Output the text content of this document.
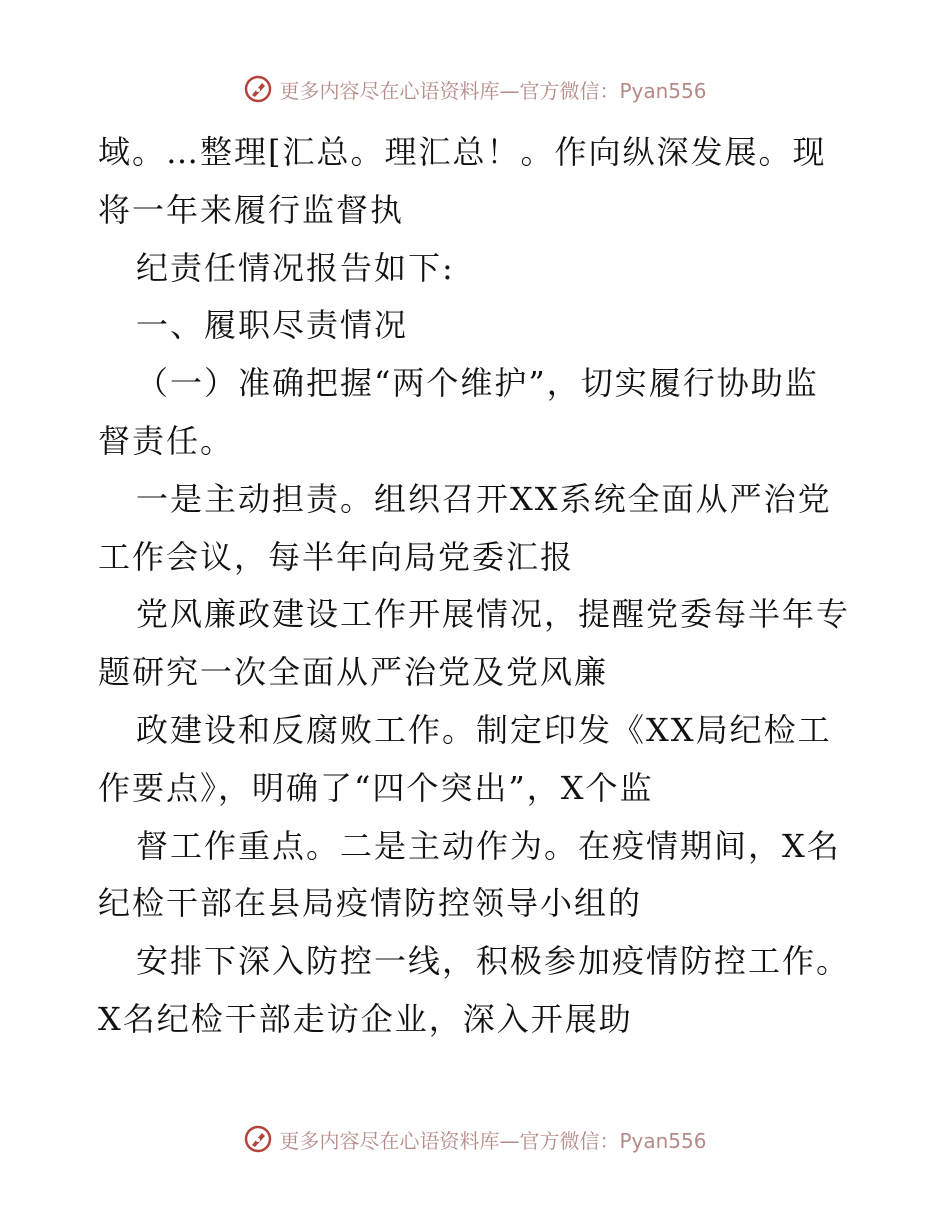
更多内容尽在心语资料库—官方微信：Pyan556
域。…整理[汇总。理汇总！。作向纵深发展。现
将一年来履行监督执
纪责任情况报告如下:
一、履职尽责情况
（一）准确把握“两个维护”，切实履行协助监
督责任。
一是主动担责。组织召开XX系统全面从严治党
工作会议，每半年向局党委汇报
党风廉政建设工作开展情况，提醒党委每半年专
题研究一次全面从严治党及党风廉
政建设和反腐败工作。制定印发《XX局纪检工
作要点》，明确了“四个突出”，X个监
督工作重点。二是主动作为。在疫情期间，X名
纪检干部在县局疫情防控领导小组的
安排下深入防控一线，积极参加疫情防控工作。
X名纪检干部走访企业，深入开展助
更多内容尽在心语资料库—官方微信：Pyan556
